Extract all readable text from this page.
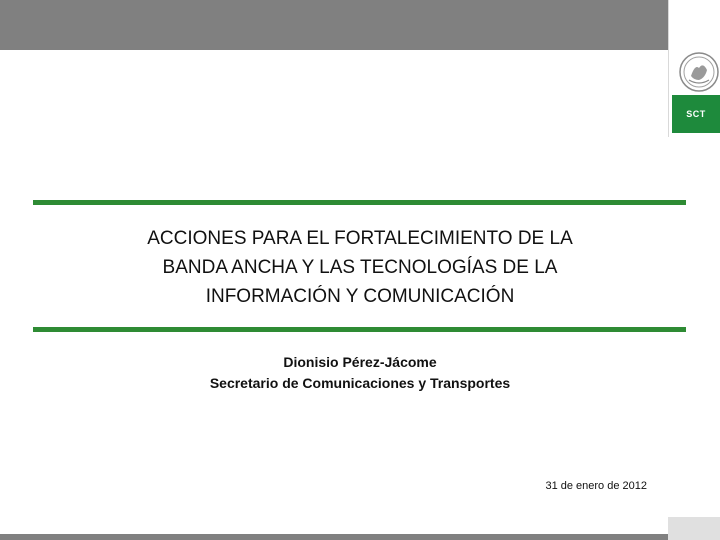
SCT
ACCIONES PARA EL FORTALECIMIENTO DE LA
BANDA ANCHA Y LAS TECNOLOGÍAS DE LA
INFORMACIÓN Y COMUNICACIÓN
Dionisio Pérez-Jácome
Secretario de Comunicaciones y Transportes
31 de enero de 2012
